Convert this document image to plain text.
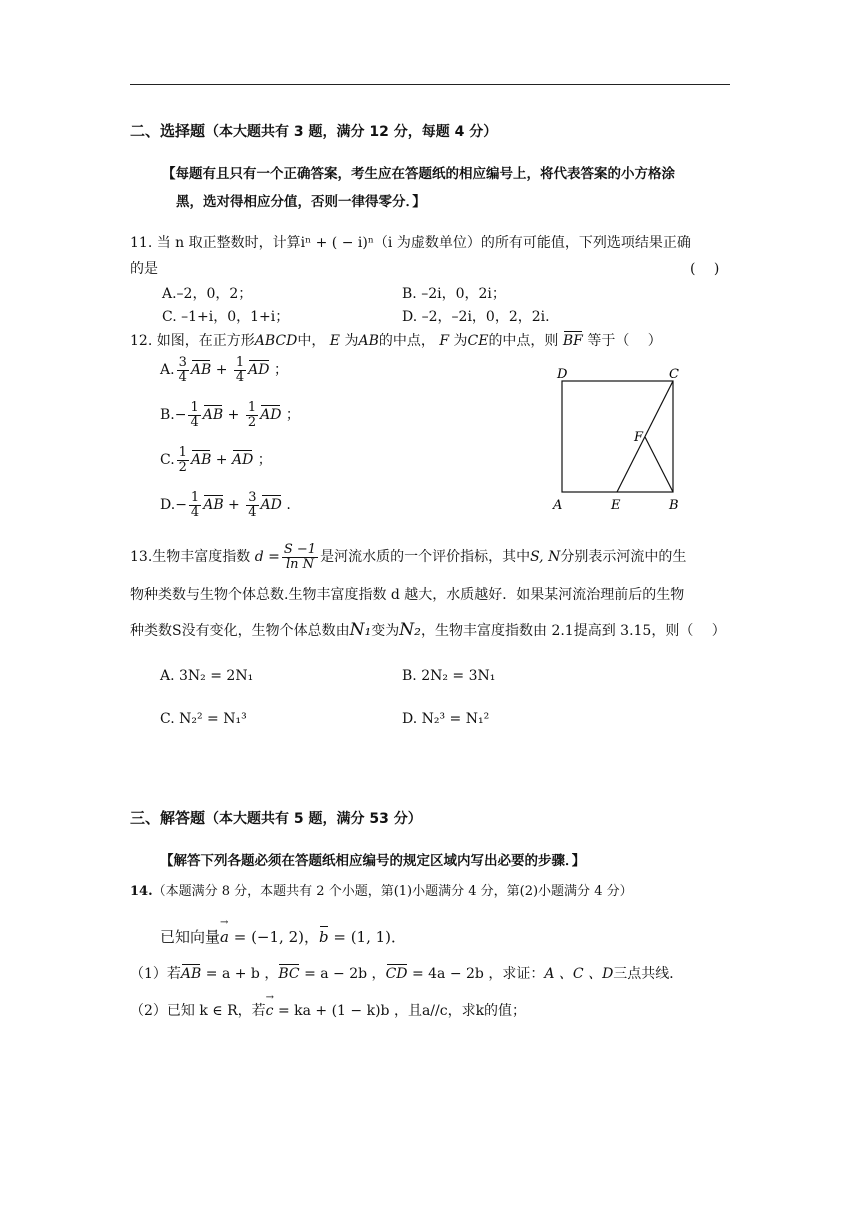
二、选择题（本大题共有 3 题，满分 12 分，每题 4 分）
【每题有且只有一个正确答案，考生应在答题纸的相应编号上，将代表答案的小方格涂
黑，选对得相应分值，否则一律得零分．】
11. 当 n 取正整数时，计算iⁿ + ( − i)ⁿ（i 为虚数单位）的所有可能值，下列选项结果正确
的是	(　 )
A.–2，0，2；	B. –2i，0，2i；
C. –1+i，0，1+i；	D. –2，–2i，0，2，2i.
12. 如图，在正方形ABCD中， E 为AB的中点， F 为CE的中点，则 BF 等于（　 ）
A. $\frac{3}{4}$ AB + $\frac{1}{4}$ AD ；
$B.- \frac{1}{4}$ AB + $\frac{1}{2}$ AD ；
C. $\frac{1}{2}$ AB + AD ；
$D.- \frac{1}{4}$ AB + $\frac{3}{4}$ AD .
D	C
F
A	E	B
13.生物丰富度指数 $d = \frac{S -1}{\text{ln N}}$ 是河流水质的一个评价指标，其中S, N分别表示河流中的生
物种类数与生物个体总数.生物丰富度指数 d 越大，水质越好．如果某河流治理前后的生物
种类数S没有变化，生物个体总数由N₁变为N₂，生物丰富度指数由 2.1提高到 3.15，则（　 ）
A. 3N₂ = 2N₁	B. 2N₂ = 3N₁
C. N₂² = N₁³	D. N₂³ = N₁²
三、解答题（本大题共有 5 题，满分 53 分）
【解答下列各题必须在答题纸相应编号的规定区域内写出必要的步骤．】
14.（本题满分 8 分，本题共有 2 个小题，第(1)小题满分 4 分，第(2)小题满分 4 分）
已知向量→ a = (−1, 2)，b = (1, 1)．
（1）若AB = a + b ，BC = a − 2b ，CD = 4a − 2b ，求证：A 、C 、D三点共线．
（2）已知 k ∈ R，若→ c = ka + (1 − k)b ，且a//c，求k的值；
